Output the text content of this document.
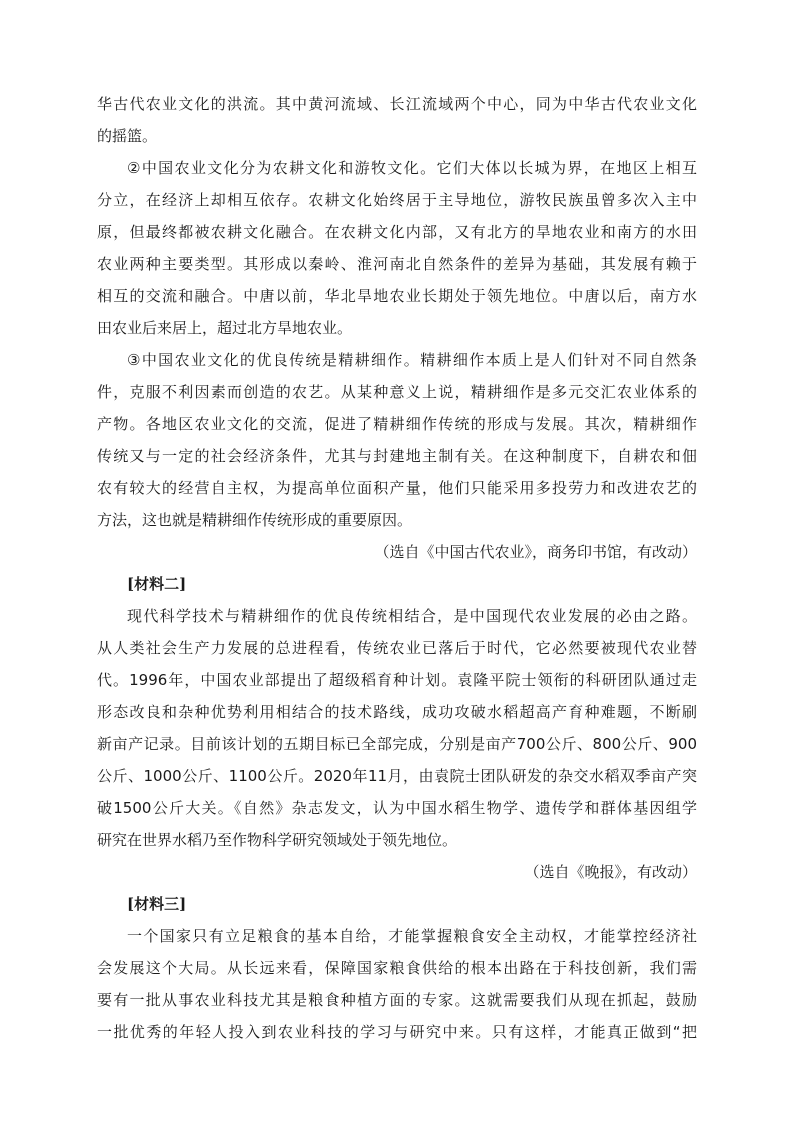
华古代农业文化的洪流。其中黄河流域、长江流域两个中心，同为中华古代农业文化
的摇篮。
②中国农业文化分为农耕文化和游牧文化。它们大体以长城为界，在地区上相互
分立，在经济上却相互依存。农耕文化始终居于主导地位，游牧民族虽曾多次入主中
原，但最终都被农耕文化融合。在农耕文化内部，又有北方的旱地农业和南方的水田
农业两种主要类型。其形成以秦岭、淮河南北自然条件的差异为基础，其发展有赖于
相互的交流和融合。中唐以前，华北旱地农业长期处于领先地位。中唐以后，南方水
田农业后来居上，超过北方旱地农业。
③中国农业文化的优良传统是精耕细作。精耕细作本质上是人们针对不同自然条
件，克服不利因素而创造的农艺。从某种意义上说，精耕细作是多元交汇农业体系的
产物。各地区农业文化的交流，促进了精耕细作传统的形成与发展。其次，精耕细作
传统又与一定的社会经济条件，尤其与封建地主制有关。在这种制度下，自耕农和佃
农有较大的经营自主权，为提高单位面积产量，他们只能采用多投劳力和改进农艺的
方法，这也就是精耕细作传统形成的重要原因。
（选自《中国古代农业》，商务印书馆，有改动）
[材料二]
现代科学技术与精耕细作的优良传统相结合，是中国现代农业发展的必由之路。
从人类社会生产力发展的总进程看，传统农业已落后于时代，它必然要被现代农业替
代。1996年，中国农业部提出了超级稻育种计划。袁隆平院士领衔的科研团队通过走
形态改良和杂种优势利用相结合的技术路线，成功攻破水稻超高产育种难题，不断刷
新亩产记录。目前该计划的五期目标已全部完成，分别是亩产700公斤、800公斤、900
公斤、1000公斤、1100公斤。2020年11月，由袁院士团队研发的杂交水稻双季亩产突
破1500公斤大关。《自然》杂志发文，认为中国水稻生物学、遗传学和群体基因组学
研究在世界水稻乃至作物科学研究领域处于领先地位。
（选自《晚报》，有改动）
[材料三]
一个国家只有立足粮食的基本自给，才能掌握粮食安全主动权，才能掌控经济社
会发展这个大局。从长远来看，保障国家粮食供给的根本出路在于科技创新，我们需
要有一批从事农业科技尤其是粮食种植方面的专家。这就需要我们从现在抓起，鼓励
一批优秀的年轻人投入到农业科技的学习与研究中来。只有这样，才能真正做到“把
